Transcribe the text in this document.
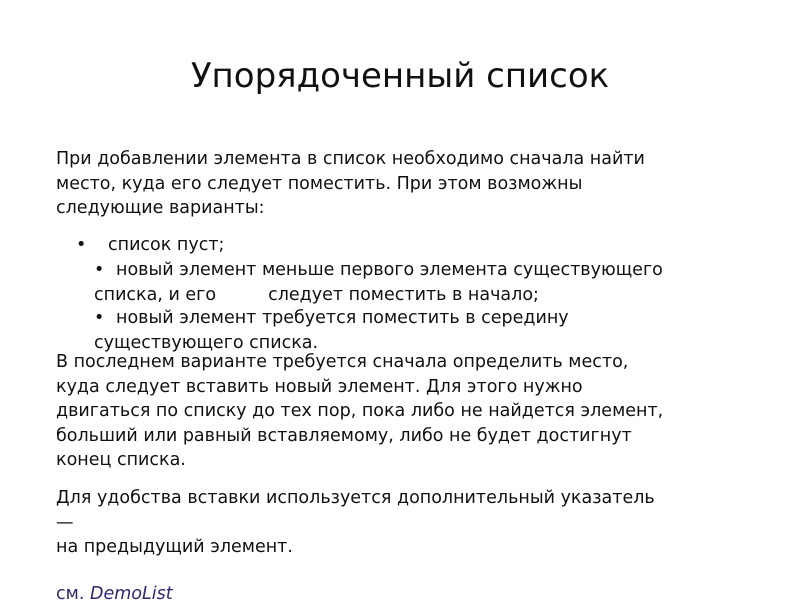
Упорядоченный список
При добавлении элемента в список необходимо сначала найти
место, куда его следует поместить. При этом возможны
следующие варианты:
• список пуст;
• новый элемент меньше первого элемента существующего
списка, и его	следует поместить в начало;
• новый элемент требуется поместить в середину
существующего списка.
В последнем варианте требуется сначала определить место,
куда следует вставить новый элемент. Для этого нужно
двигаться по списку до тех пор, пока либо не найдется элемент,
больший или равный вставляемому, либо не будет достигнут
конец списка.
Для удобства вставки используется дополнительный указатель
—
на предыдущий элемент.
см. DemoList
